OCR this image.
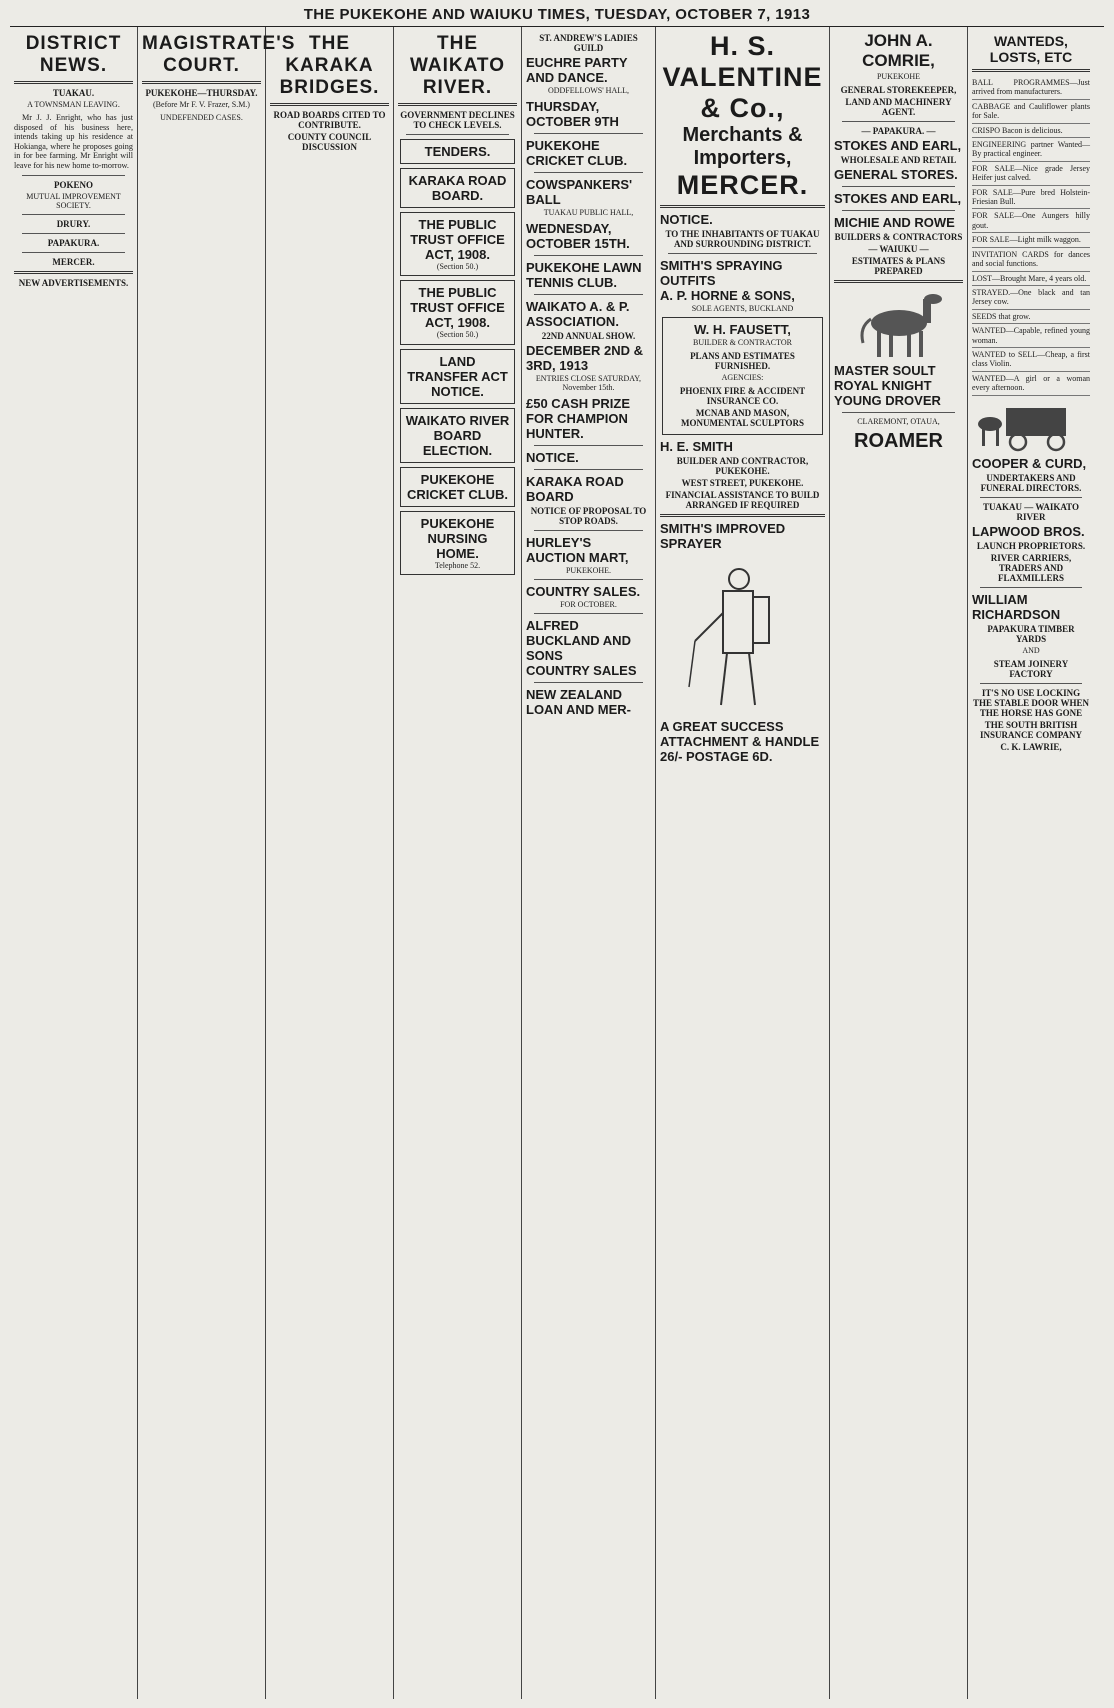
THE PUKEKOHE AND WAIUKU TIMES, TUESDAY, OCTOBER 7, 1913
DISTRICT NEWS.
TUAKAU.
A TOWNSMAN LEAVING.

Mr J. J. Enright, who has just disposed of his business here, intends taking up his residence at Hokianga, where he proposes going in for bee farming. Mr Enright will leave for his new home to-morrow.

POKENO
MUTUAL IMPROVEMENT SOCIETY.
DRURY.
PAPAKURA.
MERCER.
NEW ADVERTISEMENTS.
MAGISTRATE'S COURT.
PUKEKOHE—THURSDAY.
(Before Mr F. V. Frazer, S.M.)
UNDEFENDED CASES.
THE KARAKA BRIDGES.
ROAD BOARDS CITED TO CONTRIBUTE.
COUNTY COUNCIL DISCUSSION
THE WAIKATO RIVER.
GOVERNMENT DECLINES TO CHECK LEVELS.
TENDERS.
KARAKA ROAD BOARD.
THE PUBLIC TRUST OFFICE ACT, 1908.
(Section 50.)
THE PUBLIC TRUST OFFICE ACT, 1908.
(Section 50.)
LAND TRANSFER ACT NOTICE.
WAIKATO RIVER BOARD ELECTION.
PUKEKOHE CRICKET CLUB.
PUKEKOHE NURSING HOME.
Telephone 52.
ST. ANDREW'S LADIES GUILD
EUCHRE PARTY AND DANCE.
ODDFELLOWS' HALL,
THURSDAY, OCTOBER 9TH
PUKEKOHE CRICKET CLUB.
COWSPANKERS' BALL
TUAKAU PUBLIC HALL,
WEDNESDAY, OCTOBER 15TH.
PUKEKOHE LAWN TENNIS CLUB.
WAIKATO A. & P. ASSOCIATION.
22ND ANNUAL SHOW.
DECEMBER 2ND & 3RD, 1913
ENTRIES CLOSE SATURDAY, November 15th.
£50 CASH PRIZE FOR CHAMPION HUNTER.
NOTICE.
KARAKA ROAD BOARD
NOTICE OF PROPOSAL TO STOP ROADS.
HURLEY'S AUCTION MART,
PUKEKOHE.
COUNTRY SALES.
FOR OCTOBER.
ALFRED BUCKLAND AND SONS
COUNTRY SALES
NEW ZEALAND LOAN AND MER-
H. S. VALENTINE & Co.,
Merchants & Importers,
MERCER.
NOTICE.
TO THE INHABITANTS OF TUAKAU AND SURROUNDING DISTRICT.
SMITH'S SPRAYING OUTFITS
A. P. HORNE & SONS,
SOLE AGENTS, BUCKLAND
W. H. FAUSETT,
BUILDER & CONTRACTOR
PLANS AND ESTIMATES FURNISHED.
AGENCIES:
PHOENIX FIRE & ACCIDENT INSURANCE CO.
MCNAB AND MASON, MONUMENTAL SCULPTORS
H. E. SMITH
BUILDER AND CONTRACTOR, PUKEKOHE.
WEST STREET, PUKEKOHE.
FINANCIAL ASSISTANCE TO BUILD ARRANGED IF REQUIRED
SMITH'S IMPROVED SPRAYER
A GREAT SUCCESS
ATTACHMENT & HANDLE 26/- POSTAGE 6D.
JOHN A. COMRIE,
PUKEKOHE
GENERAL STOREKEEPER,
LAND AND MACHINERY AGENT.
— PAPAKURA. —
STOKES AND EARL,
WHOLESALE AND RETAIL
GENERAL STORES.
STOKES AND EARL,
MICHIE AND ROWE
BUILDERS & CONTRACTORS
— WAIUKU —
ESTIMATES & PLANS PREPARED
MASTER SOULT
ROYAL KNIGHT
YOUNG DROVER
CLAREMONT, OTAUA,
ROAMER
WANTEDS, LOSTS, ETC
BALL PROGRAMMES—Just arrived from manufacturers.
CABBAGE and Cauliflower plants for Sale.
CRISPO Bacon is delicious.
ENGINEERING partner Wanted—By practical engineer.
FOR SALE—Nice grade Jersey Heifer just calved.
FOR SALE—Pure bred Holstein-Friesian Bull.
FOR SALE—One Aungers hilly gout.
FOR SALE—Light milk waggon.
INVITATION CARDS for dances and social functions.
LOST—Brought Mare, 4 years old.
STRAYED.—One black and tan Jersey cow.
SEEDS that grow.
WANTED—Capable, refined young woman.
WANTED to SELL—Cheap, a first class Violin.
WANTED—A girl or a woman every afternoon.
COOPER & CURD,
UNDERTAKERS AND FUNERAL DIRECTORS.
TUAKAU — WAIKATO RIVER
LAPWOOD BROS.
LAUNCH PROPRIETORS.
RIVER CARRIERS, TRADERS AND FLAXMILLERS
WILLIAM RICHARDSON
PAPAKURA TIMBER YARDS
AND
STEAM JOINERY FACTORY
IT'S NO USE LOCKING THE STABLE DOOR WHEN THE HORSE HAS GONE
THE SOUTH BRITISH INSURANCE COMPANY
C. K. LAWRIE,
